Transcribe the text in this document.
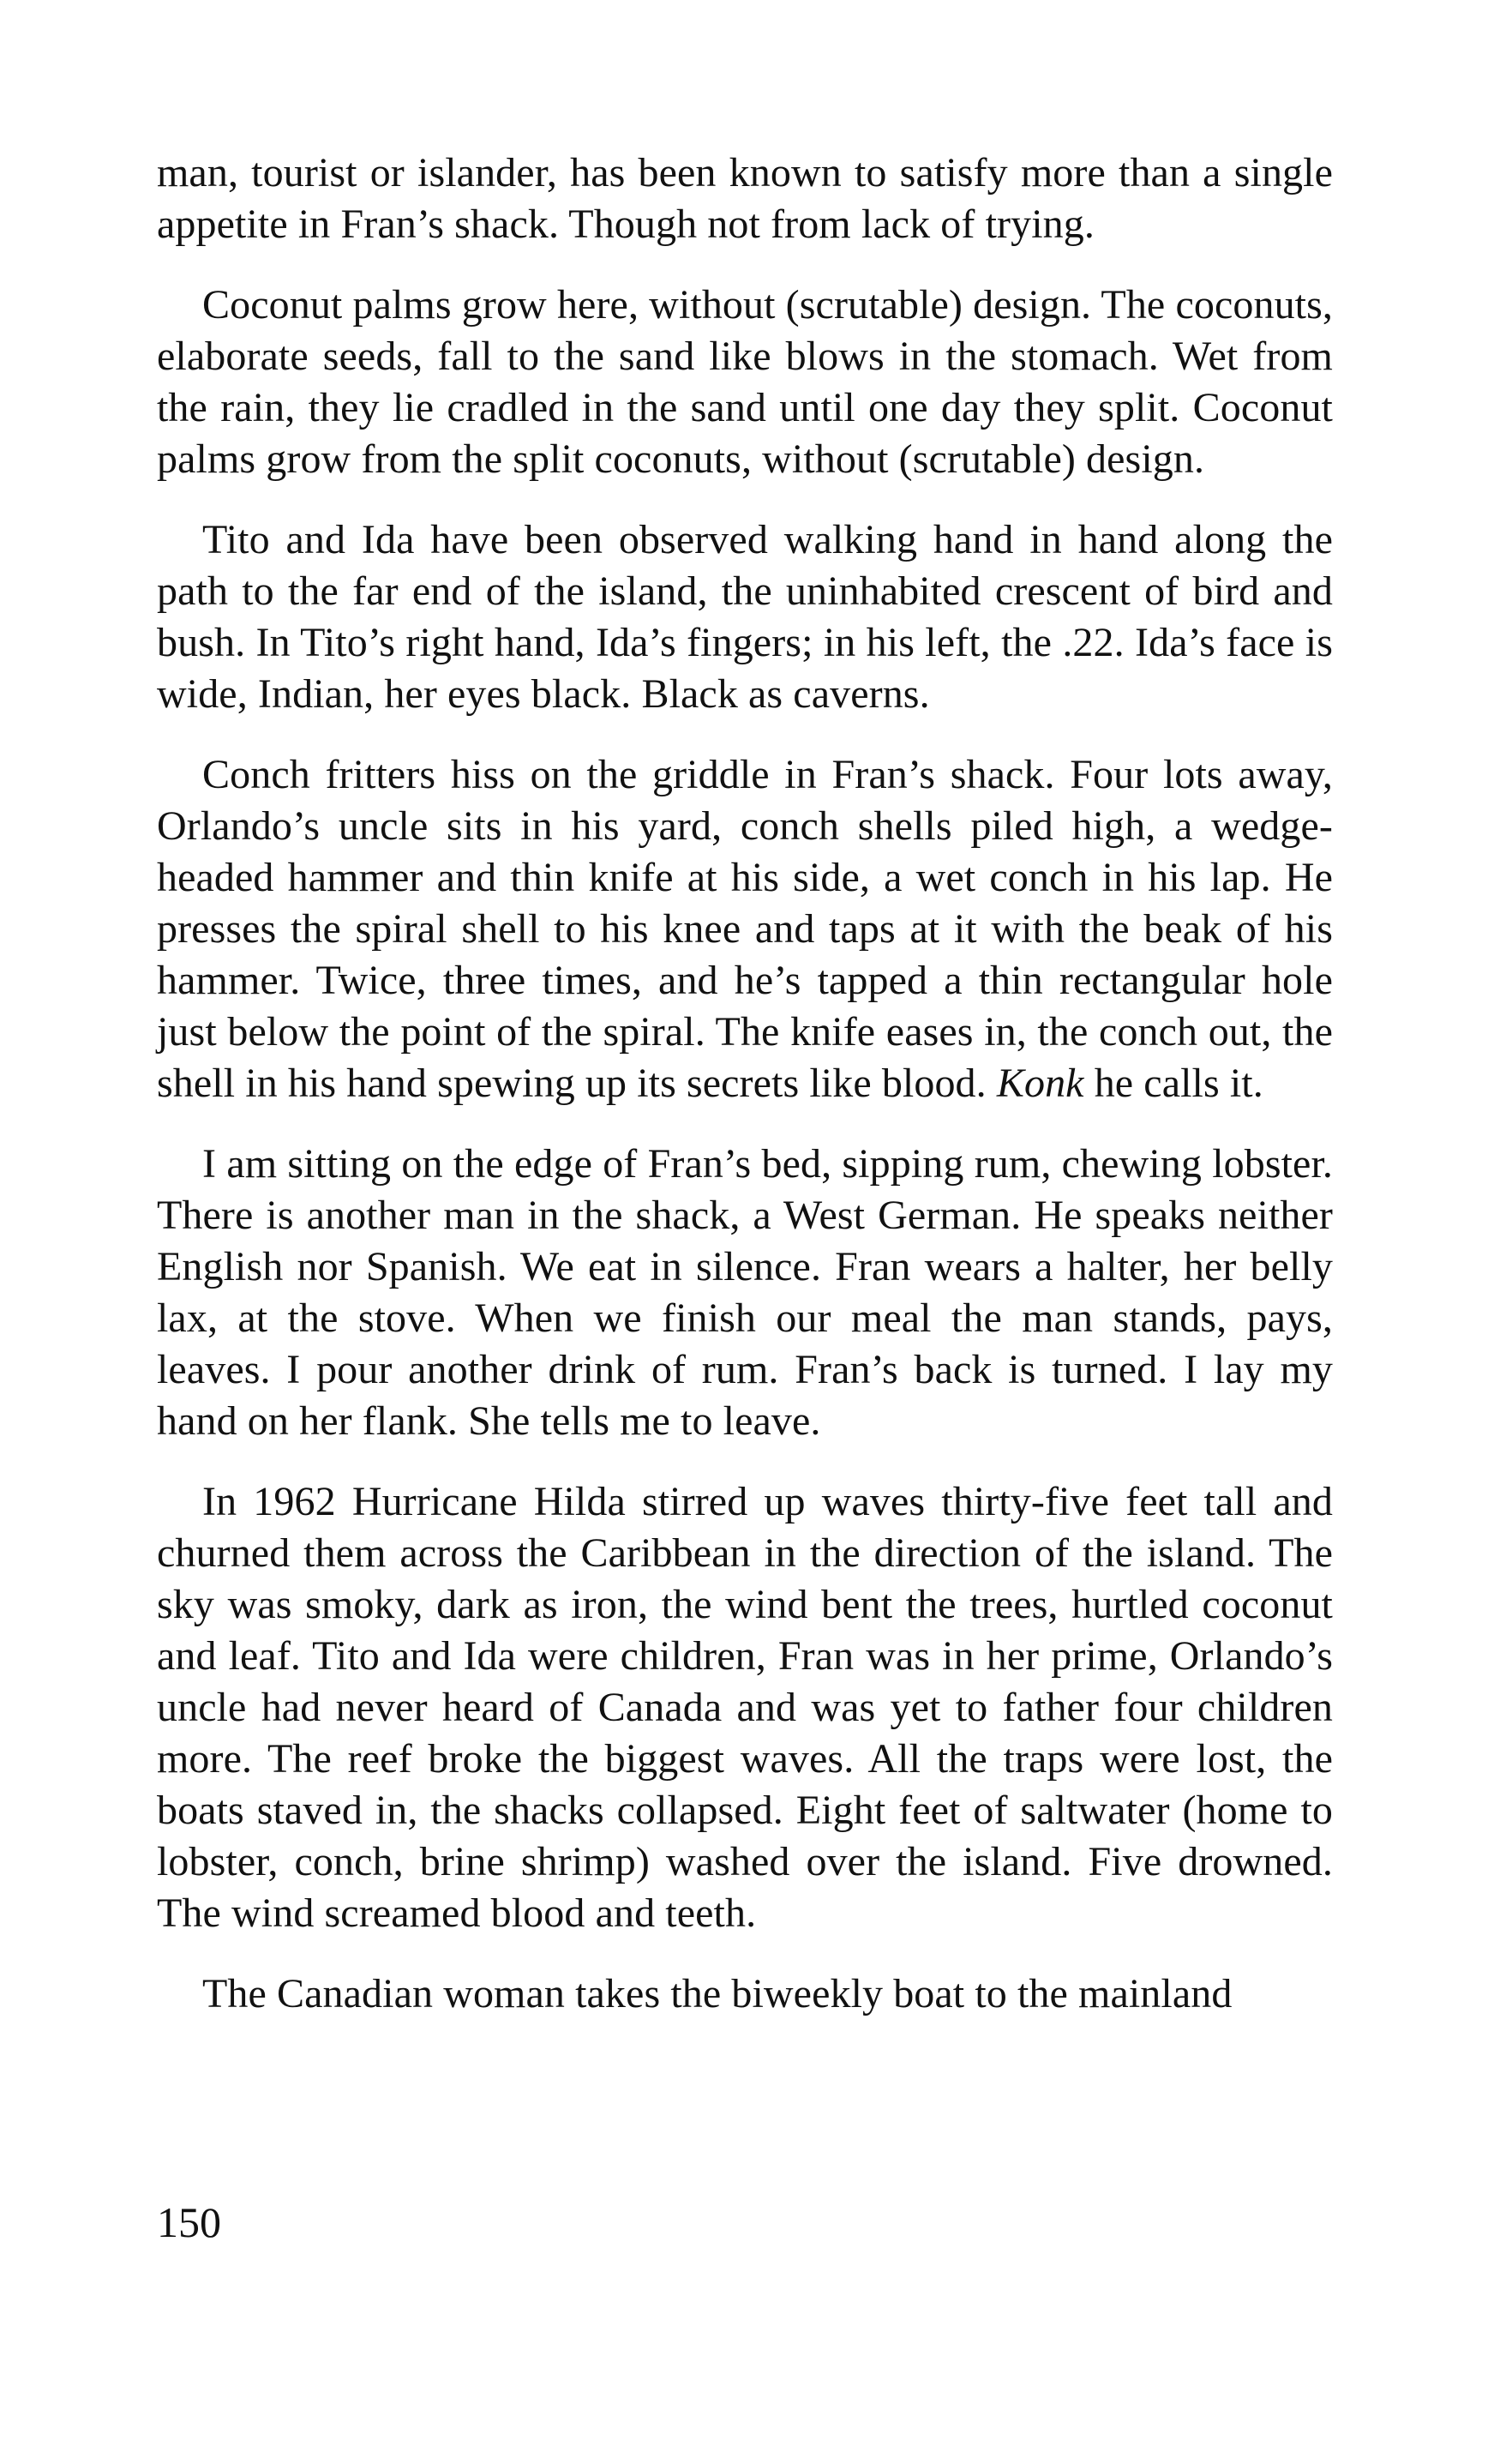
man, tourist or islander, has been known to satisfy more than a single appetite in Fran’s shack. Though not from lack of trying.

Coconut palms grow here, without (scrutable) design. The coconuts, elaborate seeds, fall to the sand like blows in the stomach. Wet from the rain, they lie cradled in the sand until one day they split. Coconut palms grow from the split coconuts, without (scrutable) design.

Tito and Ida have been observed walking hand in hand along the path to the far end of the island, the uninhabited crescent of bird and bush. In Tito’s right hand, Ida’s fingers; in his left, the .22. Ida’s face is wide, Indian, her eyes black. Black as caverns.

Conch fritters hiss on the griddle in Fran’s shack. Four lots away, Orlando’s uncle sits in his yard, conch shells piled high, a wedge-headed hammer and thin knife at his side, a wet conch in his lap. He presses the spiral shell to his knee and taps at it with the beak of his hammer. Twice, three times, and he’s tapped a thin rectangular hole just below the point of the spiral. The knife eases in, the conch out, the shell in his hand spewing up its secrets like blood. Konk he calls it.

I am sitting on the edge of Fran’s bed, sipping rum, chewing lobster. There is another man in the shack, a West German. He speaks neither English nor Spanish. We eat in silence. Fran wears a halter, her belly lax, at the stove. When we finish our meal the man stands, pays, leaves. I pour another drink of rum. Fran’s back is turned. I lay my hand on her flank. She tells me to leave.

In 1962 Hurricane Hilda stirred up waves thirty-five feet tall and churned them across the Caribbean in the direction of the island. The sky was smoky, dark as iron, the wind bent the trees, hurtled coconut and leaf. Tito and Ida were children, Fran was in her prime, Orlando’s uncle had never heard of Canada and was yet to father four children more. The reef broke the biggest waves. All the traps were lost, the boats staved in, the shacks collapsed. Eight feet of saltwater (home to lobster, conch, brine shrimp) washed over the island. Five drowned. The wind screamed blood and teeth.

The Canadian woman takes the biweekly boat to the mainland

150
